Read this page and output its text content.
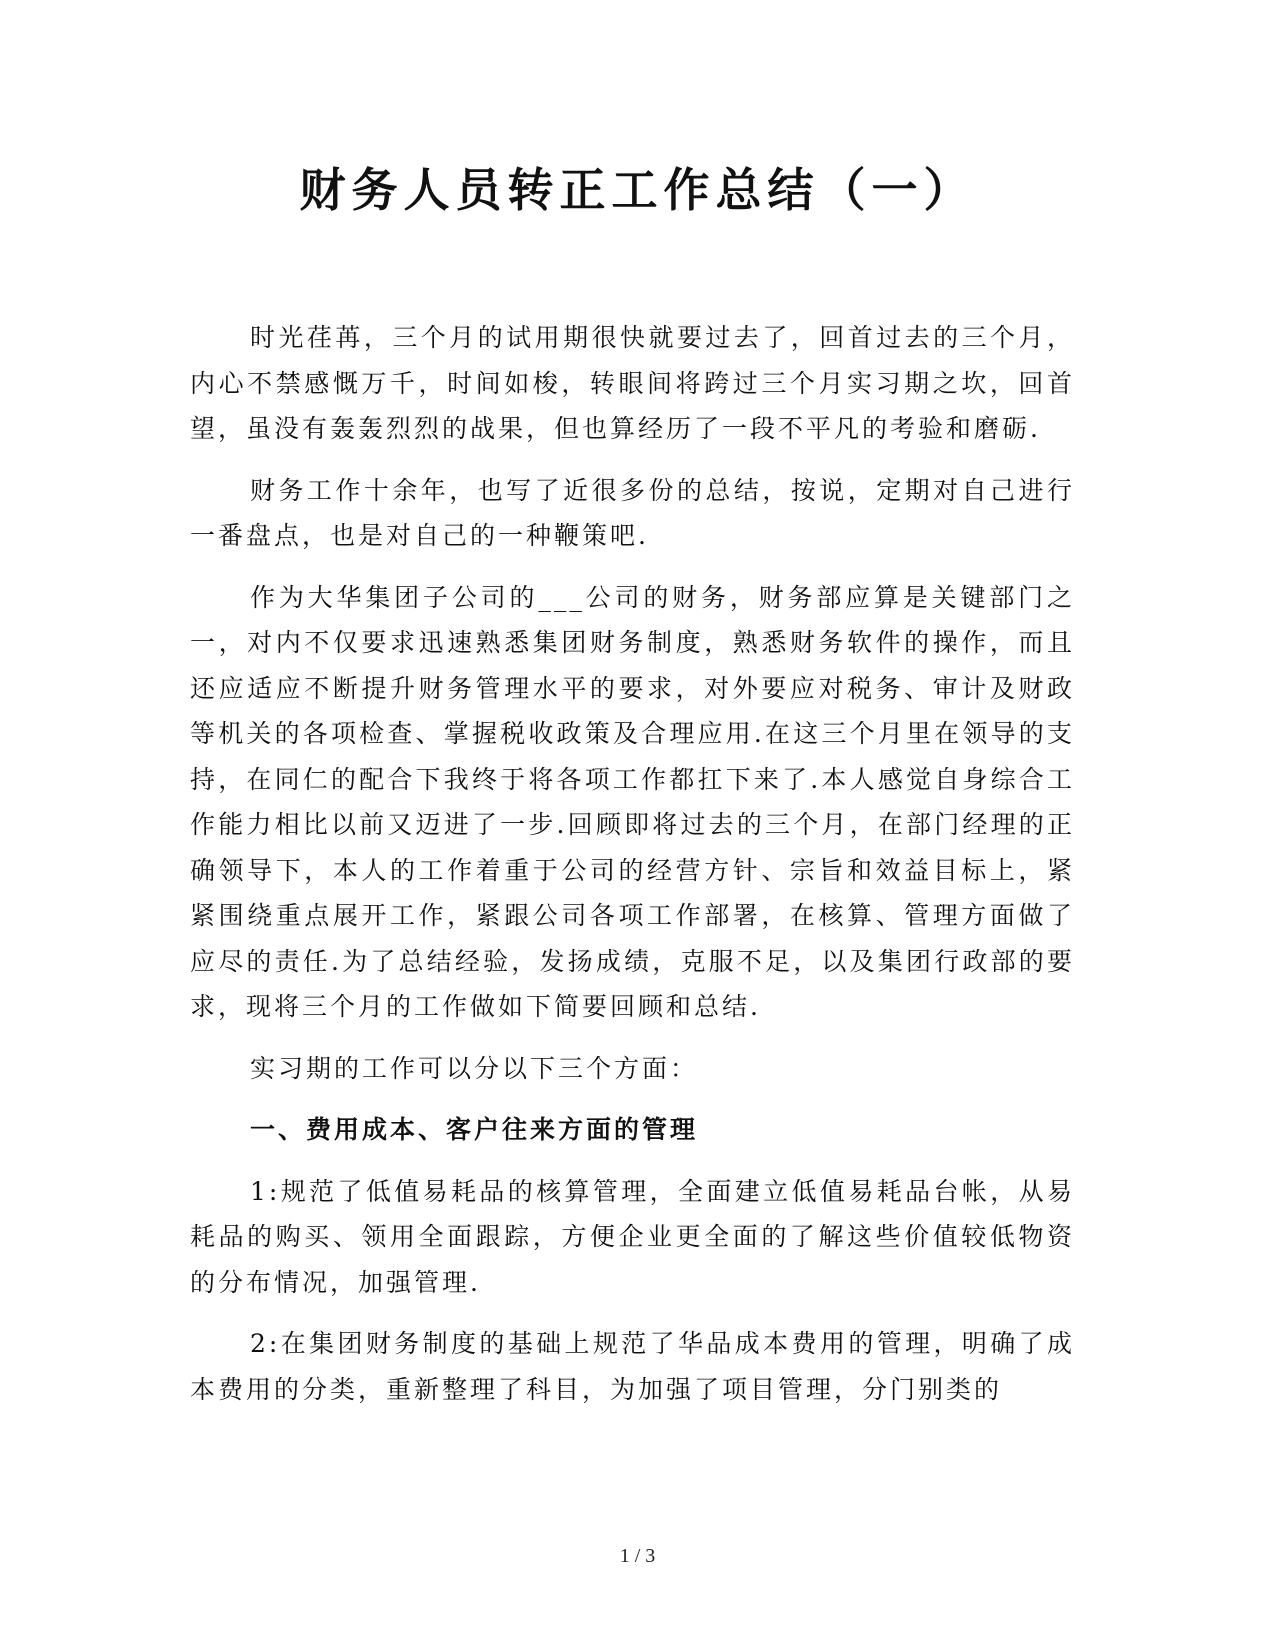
财务人员转正工作总结（一）

时光荏苒，三个月的试用期很快就要过去了，回首过去的三个月，内心不禁感慨万千，时间如梭，转眼间将跨过三个月实习期之坎，回首望，虽没有轰轰烈烈的战果，但也算经历了一段不平凡的考验和磨砺.

财务工作十余年，也写了近很多份的总结，按说，定期对自己进行一番盘点，也是对自己的一种鞭策吧.

作为大华集团子公司的___公司的财务，财务部应算是关键部门之一，对内不仅要求迅速熟悉集团财务制度，熟悉财务软件的操作，而且还应适应不断提升财务管理水平的要求，对外要应对税务、审计及财政等机关的各项检查、掌握税收政策及合理应用.在这三个月里在领导的支持，在同仁的配合下我终于将各项工作都扛下来了.本人感觉自身综合工作能力相比以前又迈进了一步.回顾即将过去的三个月，在部门经理的正确领导下，本人的工作着重于公司的经营方针、宗旨和效益目标上，紧紧围绕重点展开工作，紧跟公司各项工作部署，在核算、管理方面做了应尽的责任.为了总结经验，发扬成绩，克服不足，以及集团行政部的要求，现将三个月的工作做如下简要回顾和总结.

实习期的工作可以分以下三个方面：

一、费用成本、客户往来方面的管理

1:规范了低值易耗品的核算管理，全面建立低值易耗品台帐，从易耗品的购买、领用全面跟踪，方便企业更全面的了解这些价值较低物资的分布情况，加强管理.

2:在集团财务制度的基础上规范了华品成本费用的管理，明确了成本费用的分类，重新整理了科目，为加强了项目管理，分门别类的

1 / 3
